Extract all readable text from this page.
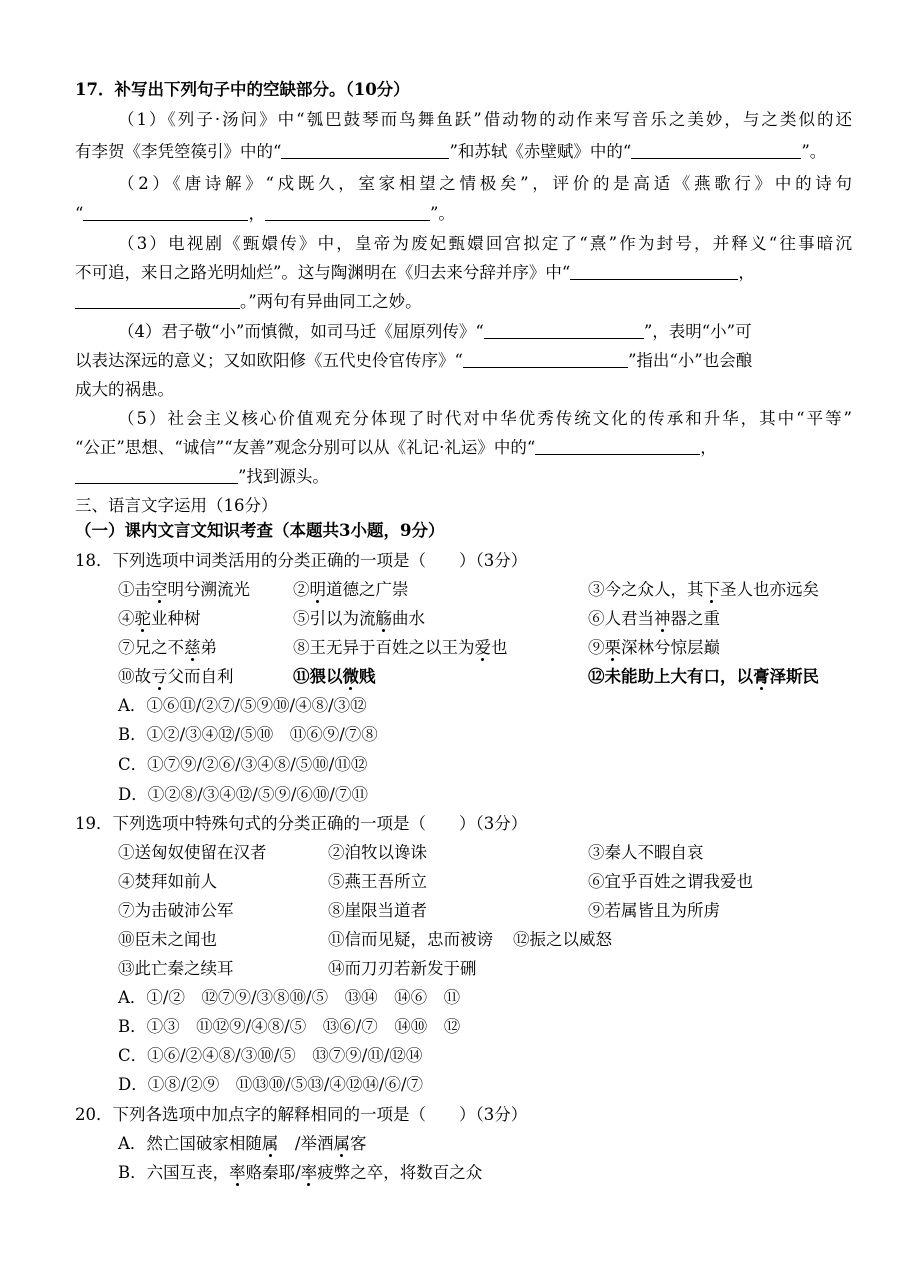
17．补写出下列句子中的空缺部分。（10分）
（1）《列子·汤问》中“瓠巴鼓琴而鸟舞鱼跃”借动物的动作来写音乐之美妙，与之类似的还
有李贺《李凭箜篌引》中的“	”和苏轼《赤壁赋》中的“	”。
（2）《唐诗解》“戍既久，室家相望之情极矣”，评价的是高适《燕歌行》中的诗句
“	，	”。
（3）电视剧《甄嬛传》中，皇帝为废妃甄嬛回宫拟定了“熹”作为封号，并释义“往事暗沉
不可追，来日之路光明灿烂”。这与陶渊明在《归去来兮辞并序》中“	，
。”两句有异曲同工之妙。
（4）君子敬“小”而慎微，如司马迁《屈原列传》“	”，表明“小”可
以表达深远的意义；又如欧阳修《五代史伶官传序》“	”指出“小”也会酿
成大的祸患。
（5）社会主义核心价值观充分体现了时代对中华优秀传统文化的传承和升华，其中“平等”
“公正”思想、“诚信”“友善”观念分别可以从《礼记·礼运》中的“	，
”找到源头。
三、语言文字运用（16分）
（一）课内文言文知识考查（本题共3小题，9分）
18．下列选项中词类活用的分类正确的一项是（　　）（3分）
①击空明兮溯流光	②明道德之广崇	③今之众人，其下圣人也亦远矣
④驼业种树	⑤引以为流觞曲水	⑥人君当神器之重
⑦兄之不慈弟	⑧王无异于百姓之以王为爱也	⑨栗深林兮惊层巅
⑩故亏父而自利	⑪猥以微贱	⑫未能助上大有口，以膏泽斯民
A．①⑥⑪/②⑦/⑤⑨⑩/④⑧/③⑫
B．①②/③④⑫/⑤⑩　⑪⑥⑨/⑦⑧
C．①⑦⑨/②⑥/③④⑧/⑤⑩/⑪⑫
D．①②⑧/③④⑫/⑤⑨/⑥⑩/⑦⑪
19．下列选项中特殊句式的分类正确的一项是（　　）（3分）
①送匈奴使留在汉者	②洎牧以谗诛	③秦人不暇自哀
④焚拜如前人	⑤燕王吾所立	⑥宜乎百姓之谓我爱也
⑦为击破沛公军	⑧崖限当道者	⑨若属皆且为所虏
⑩臣未之闻也	⑪信而见疑，忠而被谤	⑫振之以威怒
⑬此亡秦之续耳	⑭而刀刃若新发于硎
A．①/②　⑫⑦⑨/③⑧⑩/⑤　⑬⑭　⑭⑥　⑪
B．①③　⑪⑫⑨/④⑧/⑤　⑬⑥/⑦　⑭⑩　⑫
C．①⑥/②④⑧/③⑩/⑤　⑬⑦⑨/⑪/⑫⑭
D．①⑧/②⑨　⑪⑬⑩/⑤⑬/④⑫⑭/⑥/⑦
20．下列各选项中加点字的解释相同的一项是（　　）（3分）
A．然亡国破家相随属　/举酒属客
B．六国互丧，率赂秦耶/率疲弊之卒，将数百之众
